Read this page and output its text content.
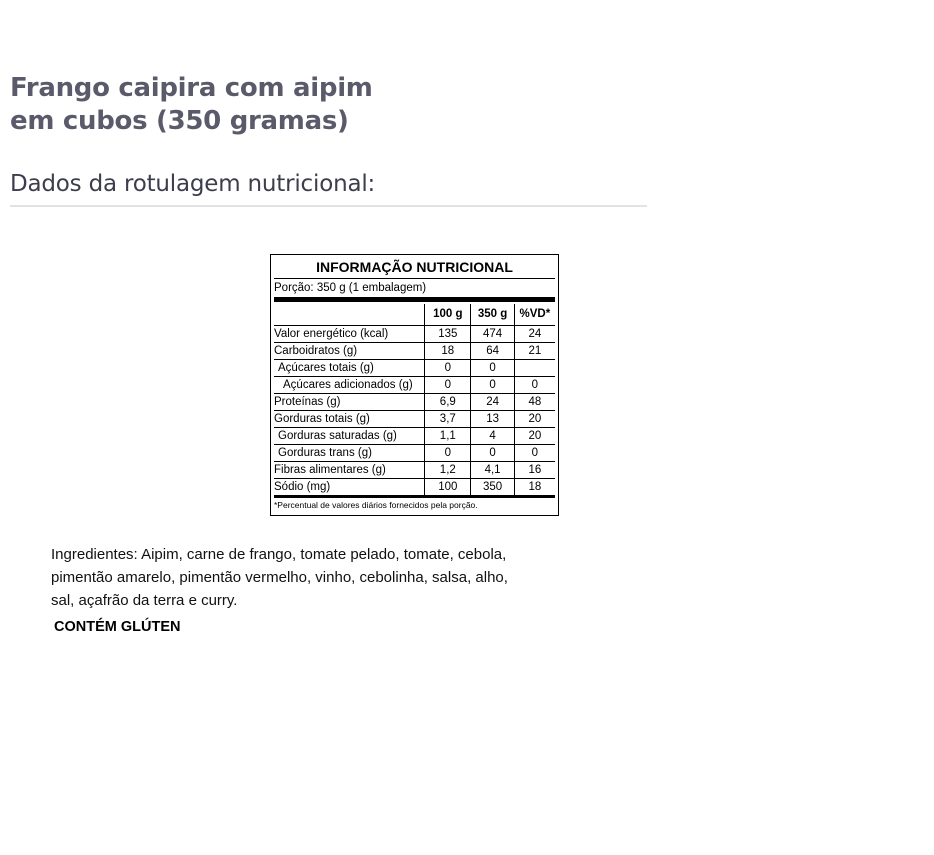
Frango caipira com aipim
em cubos (350 gramas)
Dados da rotulagem nutricional:
INFORMAÇÃO NUTRICIONAL
Porção: 350 g (1 embalagem)
	100 g	350 g	%VD*
Valor energético (kcal)	135	474	24
Carboidratos (g)	18	64	21
Açúcares totais (g)	0	0	
Açúcares adicionados (g)	0	0	0
Proteínas (g)	6,9	24	48
Gorduras totais (g)	3,7	13	20
Gorduras saturadas (g)	1,1	4	20
Gorduras trans (g)	0	0	0
Fibras alimentares (g)	1,2	4,1	16
Sódio (mg)	100	350	18
*Percentual de valores diários fornecidos pela porção.

Ingredientes: Aipim, carne de frango, tomate pelado, tomate, cebola, pimentão amarelo, pimentão vermelho, vinho, cebolinha, salsa, alho, sal, açafrão da terra e curry.

CONTÉM GLÚTEN
